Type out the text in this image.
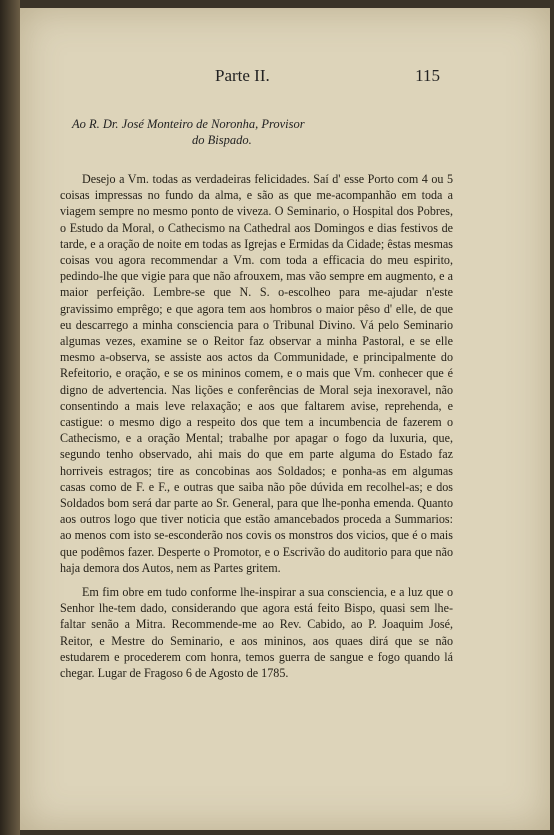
Parte II.	115
Ao R. Dr. José Monteiro de Noronha, Provisor
do Bispado.

Desejo a Vm. todas as verdadeiras felicidades. Saí d' esse Porto com 4 ou 5 coisas impressas no fundo da alma, e são as que me-acompanhão em toda a viagem sempre no mesmo ponto de viveza. O Seminario, o Hospital dos Pobres, o Estudo da Moral, o Cathecismo na Cathedral aos Domingos e dias festivos de tarde, e a oração de noite em todas as Igrejas e Ermidas da Cidade; êstas mesmas coisas vou agora recommendar a Vm. com toda a efficacia do meu espirito, pedindo-lhe que vigie para que não afrouxem, mas vão sempre em augmento, e a maior perfeição. Lembre-se que N. S. o-escolheo para me-ajudar n'este gravissimo emprêgo; e que agora tem aos hombros o maior pêso d' elle, de que eu descarrego a minha consciencia para o Tribunal Divino. Vá pelo Seminario algumas vezes, examine se o Reitor faz observar a minha Pastoral, e se elle mesmo a-observa, se assiste aos actos da Communidade, e principalmente do Refeitorio, e oração, e se os mininos comem, e o mais que Vm. conhecer que é digno de advertencia. Nas lições e conferências de Moral seja inexoravel, não consentindo a mais leve relaxação; e aos que faltarem avise, reprehenda, e castigue: o mesmo digo a respeito dos que tem a incumbencia de fazerem o Cathecismo, e a oração Mental; trabalhe por apagar o fogo da luxuria, que, segundo tenho observado, ahi mais do que em parte alguma do Estado faz horriveis estragos; tire as concobinas aos Soldados; e ponha-as em algumas casas como de F. e F., e outras que saiba não põe dúvida em recolhel-as; e dos Soldados bom será dar parte ao Sr. General, para que lhe-ponha emenda. Quanto aos outros logo que tiver noticia que estão amancebados proceda a Summarios: ao menos com isto se-esconderão nos covis os monstros dos vicios, que é o mais que podêmos fazer. Desperte o Promotor, e o Escrivão do auditorio para que não haja demora dos Autos, nem as Partes gritem.

Em fim obre em tudo conforme lhe-inspirar a sua consciencia, e a luz que o Senhor lhe-tem dado, considerando que agora está feito Bispo, quasi sem lhe-faltar senão a Mitra. Recommende-me ao Rev. Cabido, ao P. Joaquim José, Reitor, e Mestre do Seminario, e aos mininos, aos quaes dirá que se não estudarem e procederem com honra, temos guerra de sangue e fogo quando lá chegar. Lugar de Fragoso 6 de Agosto de 1785.
